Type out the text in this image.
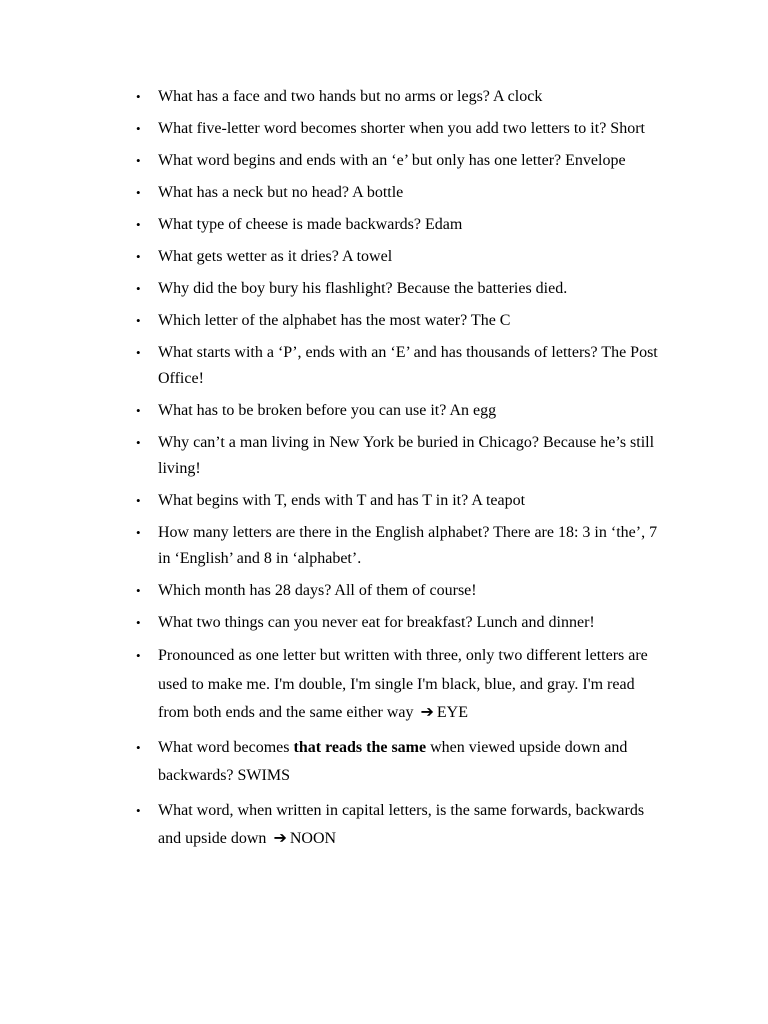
• What has a face and two hands but no arms or legs? A clock
• What five-letter word becomes shorter when you add two letters to it? Short
• What word begins and ends with an ‘e’ but only has one letter? Envelope
• What has a neck but no head? A bottle
• What type of cheese is made backwards? Edam
• What gets wetter as it dries? A towel
• Why did the boy bury his flashlight? Because the batteries died.
• Which letter of the alphabet has the most water? The C
• What starts with a ‘P’, ends with an ‘E’ and has thousands of letters? The Post Office!
• What has to be broken before you can use it? An egg
• Why can’t a man living in New York be buried in Chicago? Because he’s still living!
• What begins with T, ends with T and has T in it? A teapot
• How many letters are there in the English alphabet? There are 18: 3 in ‘the’, 7 in ‘English’ and 8 in ‘alphabet’.
• Which month has 28 days? All of them of course!
• What two things can you never eat for breakfast? Lunch and dinner!
• Pronounced as one letter but written with three, only two different letters are used to make me. I'm double, I'm single I'm black, blue, and gray. I'm read from both ends and the same either way ➔ EYE
• What word becomes that reads the same when viewed upside down and backwards? SWIMS
• What word, when written in capital letters, is the same forwards, backwards and upside down ➔ NOON
